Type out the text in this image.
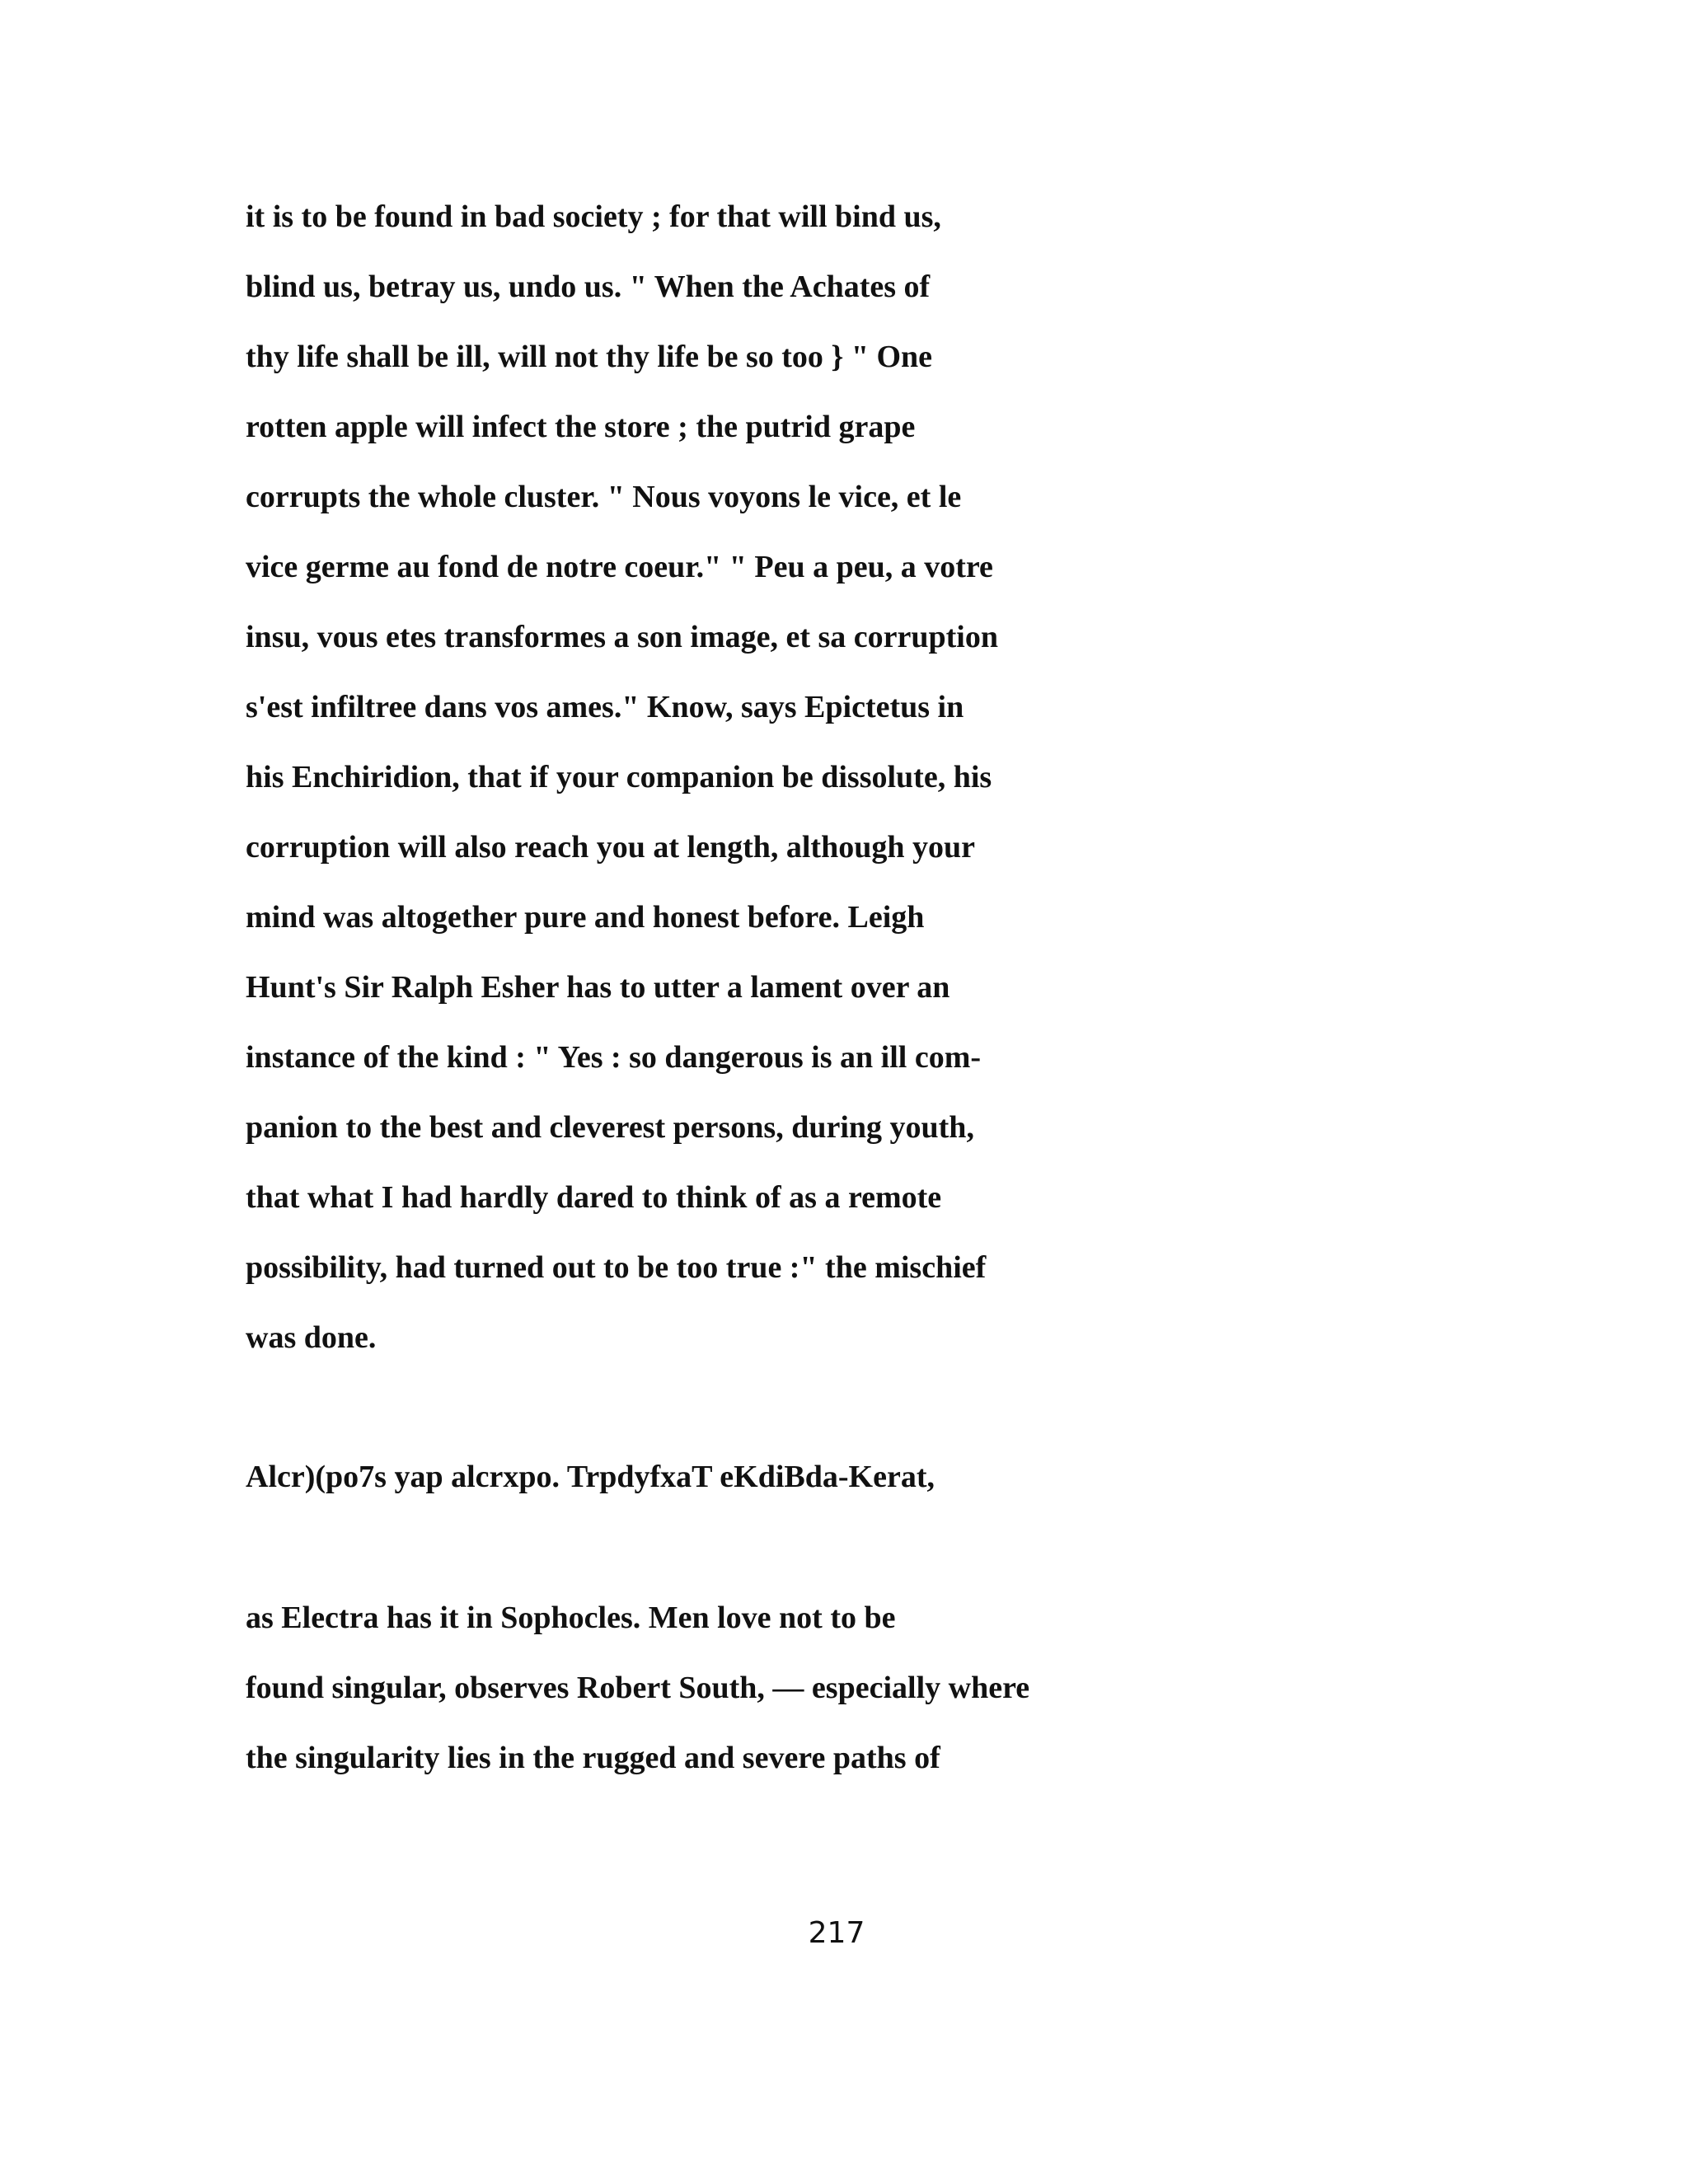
it is to be found in bad society ; for that will bind us,
blind us, betray us, undo us. " When the Achates of
thy life shall be ill, will not thy life be so too } " One
rotten apple will infect the store ; the putrid grape
corrupts the whole cluster. " Nous voyons le vice, et le
vice germe au fond de notre coeur." " Peu a peu, a votre
insu, vous etes transformes a son image, et sa corruption
s'est infiltree dans vos ames." Know, says Epictetus in
his Enchiridion, that if your companion be dissolute, his
corruption will also reach you at length, although your
mind was altogether pure and honest before. Leigh
Hunt's Sir Ralph Esher has to utter a lament over an
instance of the kind : " Yes : so dangerous is an ill com-
panion to the best and cleverest persons, during youth,
that what I had hardly dared to think of as a remote
possibility, had turned out to be too true :" the mischief
was done.
Alcr)(po7s yap alcrxpo. TrpdyfxaT eKdiBda-Kerat,
as Electra has it in Sophocles. Men love not to be
found singular, observes Robert South, — especially where
the singularity lies in the rugged and severe paths of
217
